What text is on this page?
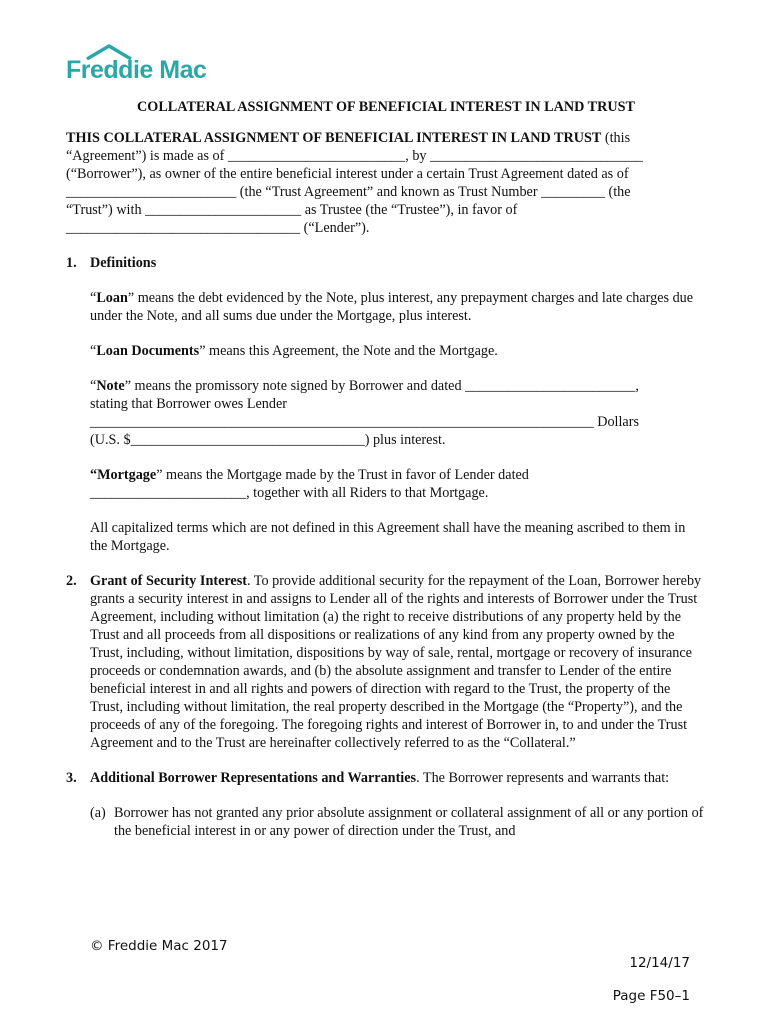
Freddie Mac

COLLATERAL ASSIGNMENT OF BENEFICIAL INTEREST IN LAND TRUST

THIS COLLATERAL ASSIGNMENT OF BENEFICIAL INTEREST IN LAND TRUST (this

“Agreement”) is made as of _________________________, by ______________________________

(“Borrower”), as owner of the entire beneficial interest under a certain Trust Agreement dated as of

________________________ (the “Trust Agreement” and known as Trust Number _________ (the

“Trust”) with ______________________ as Trustee (the “Trustee”), in favor of

_________________________________ (“Lender”).

1. Definitions

“Loan” means the debt evidenced by the Note, plus interest, any prepayment charges and late charges due under the Note, and all sums due under the Mortgage, plus interest.

“Loan Documents” means this Agreement, the Note and the Mortgage.

“Note” means the promissory note signed by Borrower and dated ________________________,

stating that Borrower owes Lender

_______________________________________________________________________ Dollars

(U.S. $_________________________________) plus interest.

“Mortgage” means the Mortgage made by the Trust in favor of Lender dated

______________________, together with all Riders to that Mortgage.

All capitalized terms which are not defined in this Agreement shall have the meaning ascribed to them in the Mortgage.

2. Grant of Security Interest. To provide additional security for the repayment of the Loan, Borrower hereby grants a security interest in and assigns to Lender all of the rights and interests of Borrower under the Trust Agreement, including without limitation (a) the right to receive distributions of any property held by the Trust and all proceeds from all dispositions or realizations of any kind from any property owned by the Trust, including, without limitation, dispositions by way of sale, rental, mortgage or recovery of insurance proceeds or condemnation awards, and (b) the absolute assignment and transfer to Lender of the entire beneficial interest in and all rights and powers of direction with regard to the Trust, the property of the Trust, including without limitation, the real property described in the Mortgage (the “Property”), and the proceeds of any of the foregoing. The foregoing rights and interest of Borrower in, to and under the Trust Agreement and to the Trust are hereinafter collectively referred to as the “Collateral.”

3. Additional Borrower Representations and Warranties. The Borrower represents and warrants that:

(a) Borrower has not granted any prior absolute assignment or collateral assignment of all or any portion of the beneficial interest in or any power of direction under the Trust, and

© Freddie Mac 2017
12/14/17
Page F50–1
